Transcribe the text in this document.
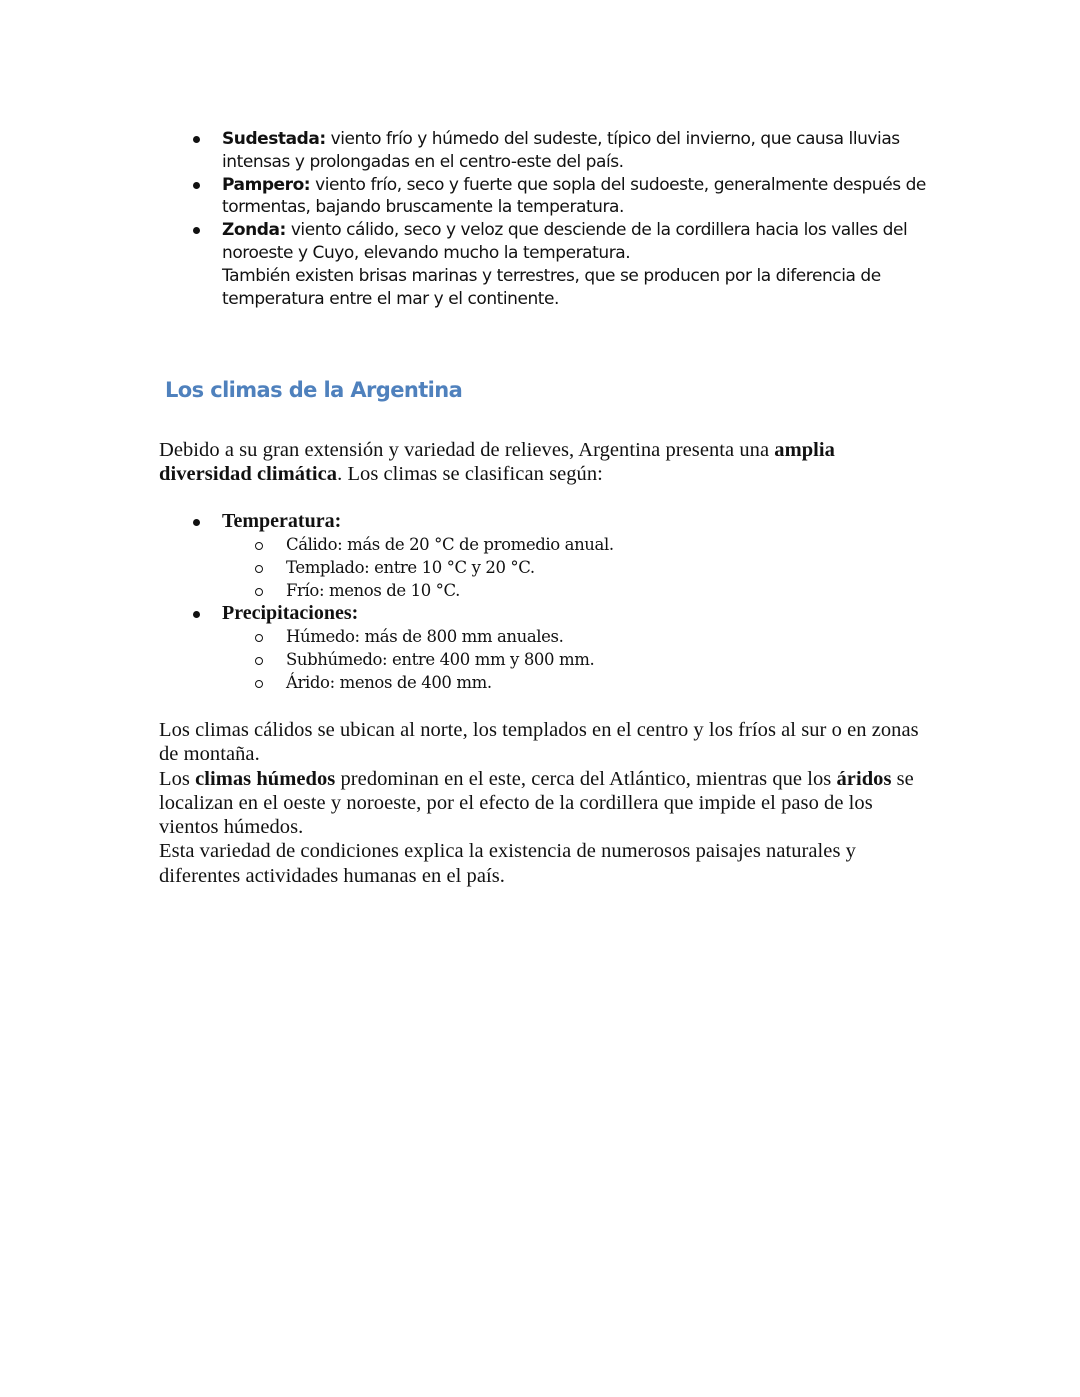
Sudestada: viento frío y húmedo del sudeste, típico del invierno, que causa lluvias intensas y prolongadas en el centro-este del país.

Pampero: viento frío, seco y fuerte que sopla del sudoeste, generalmente después de tormentas, bajando bruscamente la temperatura.

Zonda: viento cálido, seco y veloz que desciende de la cordillera hacia los valles del noroeste y Cuyo, elevando mucho la temperatura.
También existen brisas marinas y terrestres, que se producen por la diferencia de temperatura entre el mar y el continente.

Los climas de la Argentina

Debido a su gran extensión y variedad de relieves, Argentina presenta una amplia diversidad climática. Los climas se clasifican según:

Temperatura:
Cálido: más de 20 °C de promedio anual.
Templado: entre 10 °C y 20 °C.
Frío: menos de 10 °C.
Precipitaciones:
Húmedo: más de 800 mm anuales.
Subhúmedo: entre 400 mm y 800 mm.
Árido: menos de 400 mm.

Los climas cálidos se ubican al norte, los templados en el centro y los fríos al sur o en zonas de montaña.

Los climas húmedos predominan en el este, cerca del Atlántico, mientras que los áridos se localizan en el oeste y noroeste, por el efecto de la cordillera que impide el paso de los vientos húmedos.

Esta variedad de condiciones explica la existencia de numerosos paisajes naturales y diferentes actividades humanas en el país.
